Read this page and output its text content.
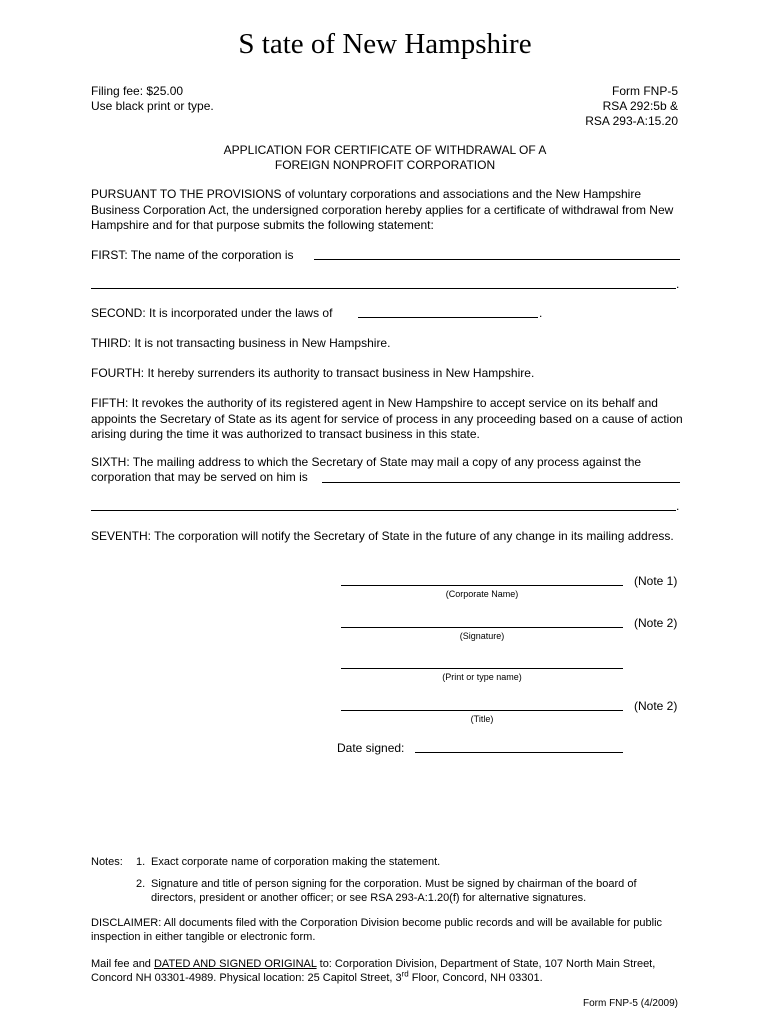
S tate of New Hampshire
Filing fee: $25.00
Use black print or type.
Form FNP-5
RSA 292:5b &
RSA 293-A:15.20
APPLICATION FOR CERTIFICATE OF WITHDRAWAL OF A
FOREIGN NONPROFIT CORPORATION
PURSUANT TO THE PROVISIONS of voluntary corporations and associations and the New Hampshire Business Corporation Act, the undersigned corporation hereby applies for a certificate of withdrawal from New Hampshire and for that purpose submits the following statement:
FIRST: The name of the corporation is
.
SECOND: It is incorporated under the laws of	.
THIRD: It is not transacting business in New Hampshire.
FOURTH: It hereby surrenders its authority to transact business in New Hampshire.
FIFTH: It revokes the authority of its registered agent in New Hampshire to accept service on its behalf and appoints the Secretary of State as its agent for service of process in any proceeding based on a cause of action arising during the time it was authorized to transact business in this state.
SIXTH: The mailing address to which the Secretary of State may mail a copy of any process against the
corporation that may be served on him is
.
SEVENTH: The corporation will notify the Secretary of State in the future of any change in its mailing address.
(Note 1)
(Corporate Name)
(Note 2)
(Signature)
(Print or type name)
(Note 2)
(Title)
Date signed:
Notes: 1. Exact corporate name of corporation making the statement.
2. Signature and title of person signing for the corporation. Must be signed by chairman of the board of directors, president or another officer; or see RSA 293-A:1.20(f) for alternative signatures.
DISCLAIMER: All documents filed with the Corporation Division become public records and will be available for public inspection in either tangible or electronic form.
Mail fee and DATED AND SIGNED ORIGINAL to: Corporation Division, Department of State, 107 North Main Street,
Concord NH 03301-4989. Physical location: 25 Capitol Street, 3rd Floor, Concord, NH 03301.
Form FNP-5 (4/2009)
